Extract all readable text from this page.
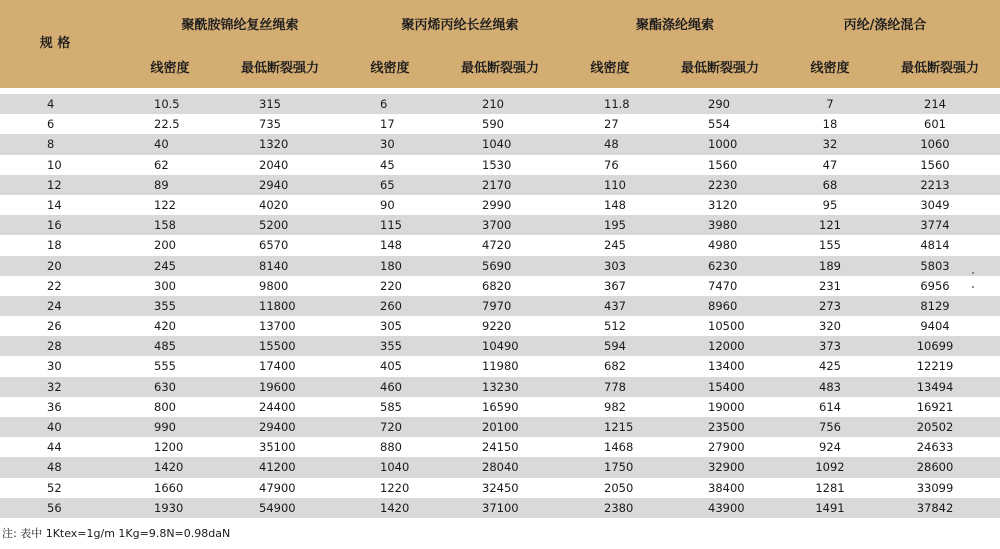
规 格
聚酰胺锦纶复丝绳索	聚丙烯丙纶长丝绳索	聚酯涤纶绳索	丙纶/涤纶混合
线密度	最低断裂强力	线密度	最低断裂强力	线密度	最低断裂强力	线密度	最低断裂强力
4	10.5	315	6	210	11.8	290	7	214
6	22.5	735	17	590	27	554	18	601
8	40	1320	30	1040	48	1000	32	1060
10	62	2040	45	1530	76	1560	47	1560
12	89	2940	65	2170	110	2230	68	2213
14	122	4020	90	2990	148	3120	95	3049
16	158	5200	115	3700	195	3980	121	3774
18	200	6570	148	4720	245	4980	155	4814
20	245	8140	180	5690	303	6230	189	5803
22	300	9800	220	6820	367	7470	231	6956
24	355	11800	260	7970	437	8960	273	8129
26	420	13700	305	9220	512	10500	320	9404
28	485	15500	355	10490	594	12000	373	10699
30	555	17400	405	11980	682	13400	425	12219
32	630	19600	460	13230	778	15400	483	13494
36	800	24400	585	16590	982	19000	614	16921
40	990	29400	720	20100	1215	23500	756	20502
44	1200	35100	880	24150	1468	27900	924	24633
48	1420	41200	1040	28040	1750	32900	1092	28600
52	1660	47900	1220	32450	2050	38400	1281	33099
56	1930	54900	1420	37100	2380	43900	1491	37842
注: 表中 1Ktex=1g/m 1Kg=9.8N=0.98daN
